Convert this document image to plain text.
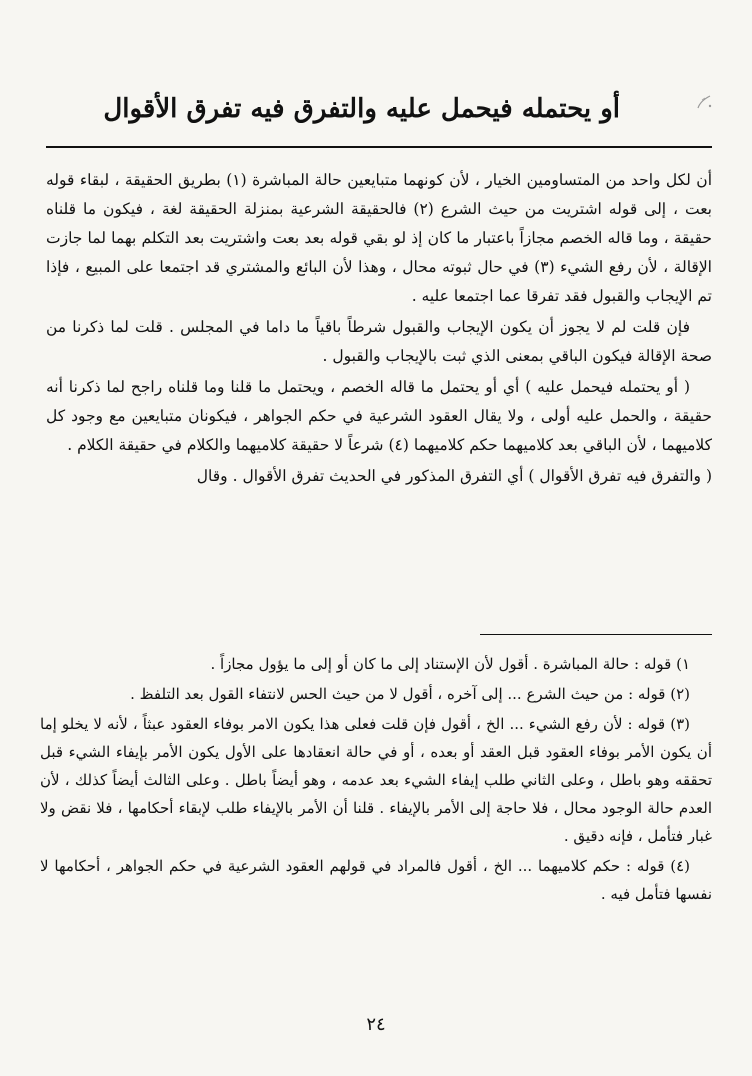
أو يحتمله فيحمل عليه والتفرق فيه تفرق الأقوال

أن لكل واحد من المتساومين الخيار ، لأن كونهما متبايعين حالة المباشرة (١) بطريق الحقيقة ، لبقاء قوله بعت ، إلى قوله اشتريت من حيث الشرع (٢) فالحقيقة الشرعية بمنزلة الحقيقة لغة ، فيكون ما قلناه حقيقة ، وما قاله الخصم مجازاً باعتبار ما كان إذ لو بقي قوله بعد بعت واشتريت بعد التكلم بهما لما جازت الإقالة ، لأن رفع الشيء (٣) في حال ثبوته محال ، وهذا لأن البائع والمشتري قد اجتمعا على المبيع ، فإذا تم الإيجاب والقبول فقد تفرقا عما اجتمعا عليه .

فإن قلت لم لا يجوز أن يكون الإيجاب والقبول شرطاً باقياً ما داما في المجلس . قلت لما ذكرنا من صحة الإقالة فيكون الباقي بمعنى الذي ثبت بالإيجاب والقبول .

( أو يحتمله فيحمل عليه ) أي أو يحتمل ما قاله الخصم ، ويحتمل ما قلنا وما قلناه راجح لما ذكرنا أنه حقيقة ، والحمل عليه أولى ، ولا يقال العقود الشرعية في حكم الجواهر ، فيكونان متبايعين مع وجود كل كلاميهما ، لأن الباقي بعد كلاميهما حكم كلاميهما (٤) شرعاً لا حقيقة كلاميهما والكلام في حقيقة الكلام .

( والتفرق فيه تفرق الأقوال ) أي التفرق المذكور في الحديث تفرق الأقوال . وقال

١) قوله : حالة المباشرة . أقول لأن الإستناد إلى ما كان أو إلى ما يؤول مجازاً .

(٢) قوله : من حيث الشرع ... إلى آخره ، أقول لا من حيث الحس لانتفاء القول بعد التلفظ .

(٣) قوله : لأن رفع الشيء ... الخ ، أقول فإن قلت فعلى هذا يكون الامر بوفاء العقود عبثاً ، لأنه لا يخلو إما أن يكون الأمر بوفاء العقود قبل العقد أو بعده ، أو في حالة انعقادها على الأول يكون الأمر بإيفاء الشيء قبل تحققه وهو باطل ، وعلى الثاني طلب إيفاء الشيء بعد عدمه ، وهو أيضاً باطل . وعلى الثالث أيضاً كذلك ، لأن العدم حالة الوجود محال ، فلا حاجة إلى الأمر بالإيفاء . قلنا أن الأمر بالإيفاء طلب لإبقاء أحكامها ، فلا نقض ولا غبار فتأمل ، فإنه دقيق .

(٤) قوله : حكم كلاميهما ... الخ ، أقول فالمراد في قولهم العقود الشرعية في حكم الجواهر ، أحكامها لا نفسها فتأمل فيه .

٢٤
